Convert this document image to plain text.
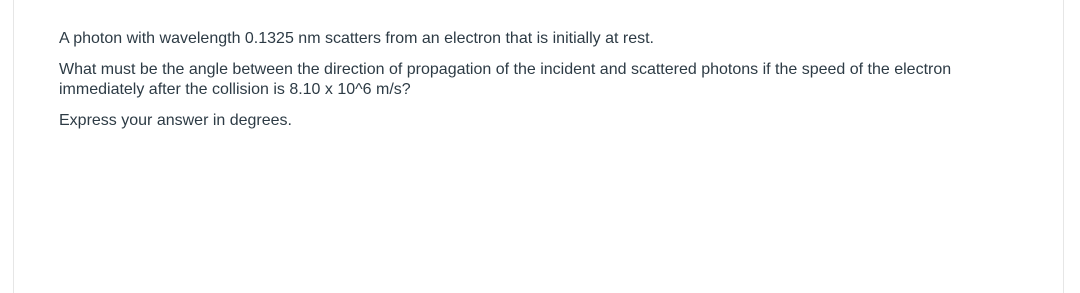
A photon with wavelength 0.1325 nm scatters from an electron that is initially at rest.

What must be the angle between the direction of propagation of the incident and scattered photons if the speed of the electron immediately after the collision is 8.10 x 10^6 m/s?

Express your answer in degrees.
